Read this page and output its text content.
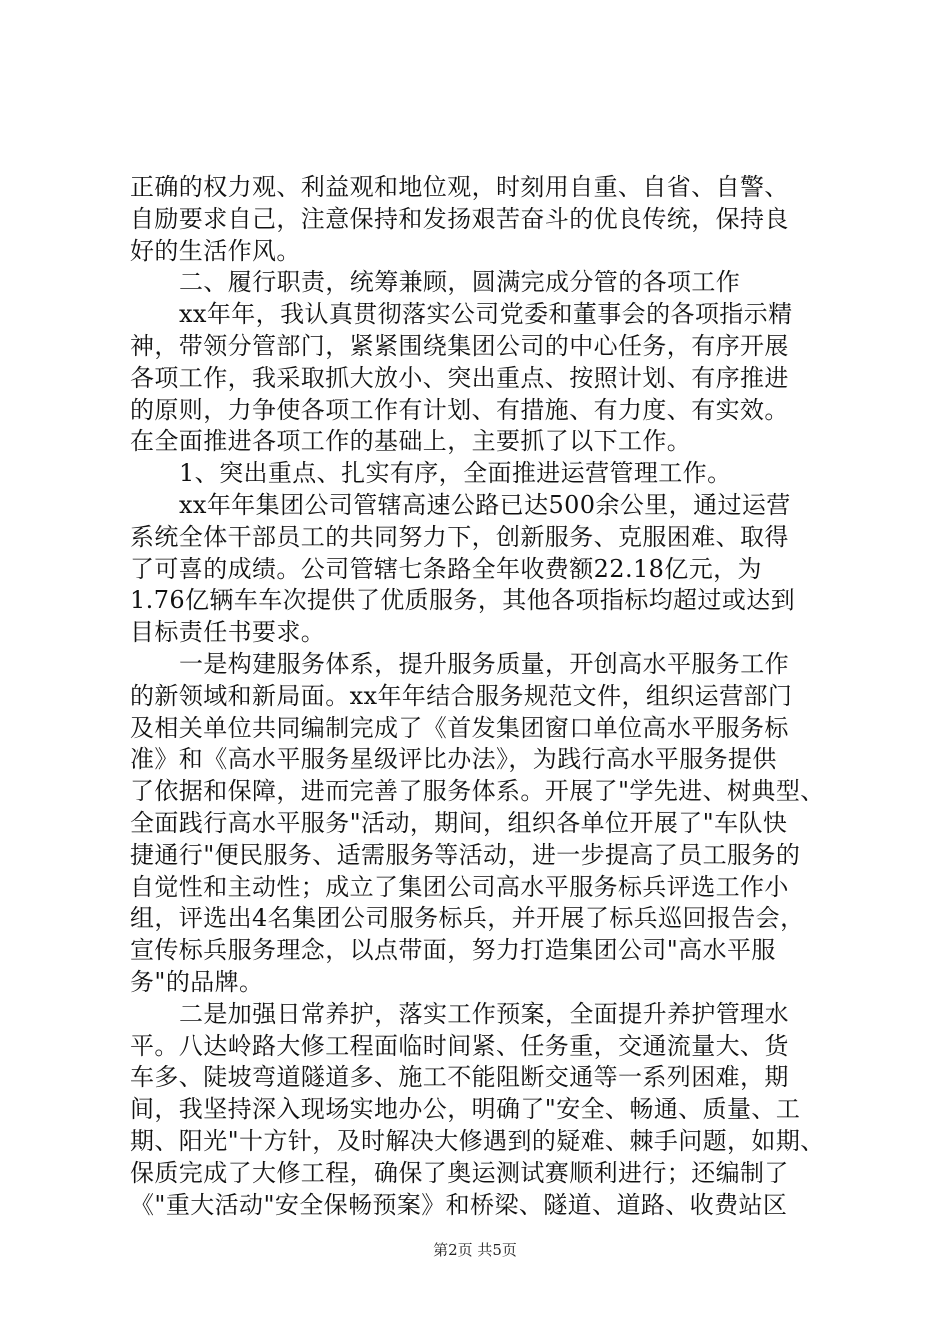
正确的权力观、利益观和地位观，时刻用自重、自省、自警、
自励要求自己，注意保持和发扬艰苦奋斗的优良传统，保持良
好的生活作风。
二、履行职责，统筹兼顾，圆满完成分管的各项工作
xx年年，我认真贯彻落实公司党委和董事会的各项指示精
神，带领分管部门，紧紧围绕集团公司的中心任务，有序开展
各项工作，我采取抓大放小、突出重点、按照计划、有序推进
的原则，力争使各项工作有计划、有措施、有力度、有实效。
在全面推进各项工作的基础上，主要抓了以下工作。
1、突出重点、扎实有序，全面推进运营管理工作。
xx年年集团公司管辖高速公路已达500余公里，通过运营
系统全体干部员工的共同努力下，创新服务、克服困难、取得
了可喜的成绩。公司管辖七条路全年收费额22.18亿元，为
1.76亿辆车车次提供了优质服务，其他各项指标均超过或达到
目标责任书要求。
一是构建服务体系，提升服务质量，开创高水平服务工作
的新领域和新局面。xx年年结合服务规范文件，组织运营部门
及相关单位共同编制完成了《首发集团窗口单位高水平服务标
准》和《高水平服务星级评比办法》，为践行高水平服务提供
了依据和保障，进而完善了服务体系。开展了"学先进、树典型、
全面践行高水平服务"活动，期间，组织各单位开展了"车队快
捷通行"便民服务、适需服务等活动，进一步提高了员工服务的
自觉性和主动性；成立了集团公司高水平服务标兵评选工作小
组，评选出4名集团公司服务标兵，并开展了标兵巡回报告会，
宣传标兵服务理念，以点带面，努力打造集团公司"高水平服
务"的品牌。
二是加强日常养护，落实工作预案，全面提升养护管理水
平。八达岭路大修工程面临时间紧、任务重，交通流量大、货
车多、陡坡弯道隧道多、施工不能阻断交通等一系列困难，期
间，我坚持深入现场实地办公，明确了"安全、畅通、质量、工
期、阳光"十方针，及时解决大修遇到的疑难、棘手问题，如期、
保质完成了大修工程，确保了奥运测试赛顺利进行；还编制了
《"重大活动"安全保畅预案》和桥梁、隧道、道路、收费站区
第2页 共5页
